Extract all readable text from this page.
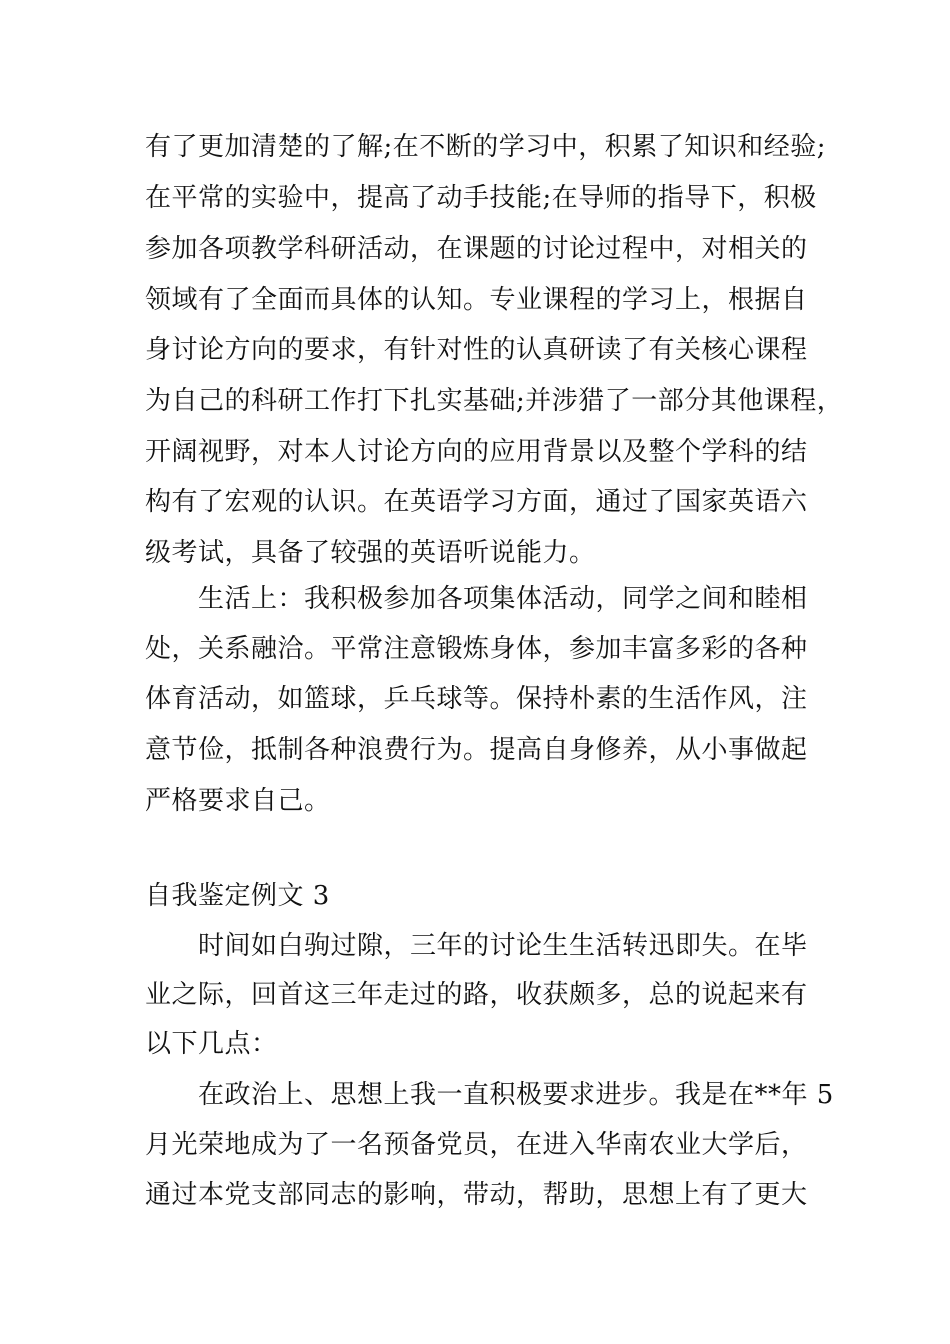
有了更加清楚的了解;在不断的学习中，积累了知识和经验;
在平常的实验中，提高了动手技能;在导师的指导下，积极
参加各项教学科研活动，在课题的讨论过程中，对相关的
领域有了全面而具体的认知。专业课程的学习上，根据自
身讨论方向的要求，有针对性的认真研读了有关核心课程
为自己的科研工作打下扎实基础;并涉猎了一部分其他课程，
开阔视野，对本人讨论方向的应用背景以及整个学科的结
构有了宏观的认识。在英语学习方面，通过了国家英语六
级考试，具备了较强的英语听说能力。
生活上：我积极参加各项集体活动，同学之间和睦相
处，关系融洽。平常注意锻炼身体，参加丰富多彩的各种
体育活动，如篮球，乒乓球等。保持朴素的生活作风，注
意节俭，抵制各种浪费行为。提高自身修养，从小事做起
严格要求自己。
自我鉴定例文 3
时间如白驹过隙，三年的讨论生生活转迅即失。在毕
业之际，回首这三年走过的路，收获颇多，总的说起来有
以下几点：
在政治上、思想上我一直积极要求进步。我是在**年 5
月光荣地成为了一名预备党员，在进入华南农业大学后，
通过本党支部同志的影响，带动，帮助，思想上有了更大
